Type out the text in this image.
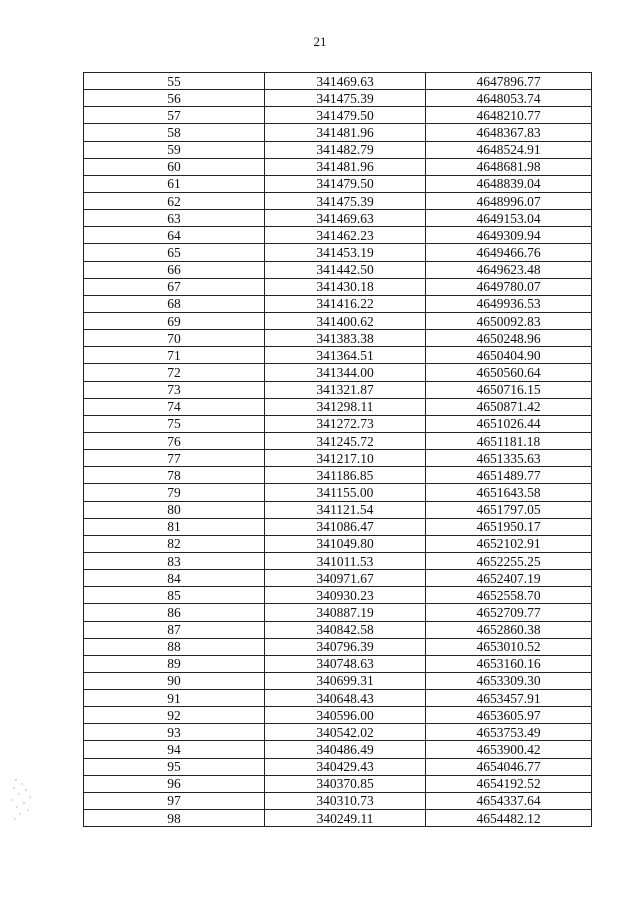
21
55	341469.63	4647896.77
56	341475.39	4648053.74
57	341479.50	4648210.77
58	341481.96	4648367.83
59	341482.79	4648524.91
60	341481.96	4648681.98
61	341479.50	4648839.04
62	341475.39	4648996.07
63	341469.63	4649153.04
64	341462.23	4649309.94
65	341453.19	4649466.76
66	341442.50	4649623.48
67	341430.18	4649780.07
68	341416.22	4649936.53
69	341400.62	4650092.83
70	341383.38	4650248.96
71	341364.51	4650404.90
72	341344.00	4650560.64
73	341321.87	4650716.15
74	341298.11	4650871.42
75	341272.73	4651026.44
76	341245.72	4651181.18
77	341217.10	4651335.63
78	341186.85	4651489.77
79	341155.00	4651643.58
80	341121.54	4651797.05
81	341086.47	4651950.17
82	341049.80	4652102.91
83	341011.53	4652255.25
84	340971.67	4652407.19
85	340930.23	4652558.70
86	340887.19	4652709.77
87	340842.58	4652860.38
88	340796.39	4653010.52
89	340748.63	4653160.16
90	340699.31	4653309.30
91	340648.43	4653457.91
92	340596.00	4653605.97
93	340542.02	4653753.49
94	340486.49	4653900.42
95	340429.43	4654046.77
96	340370.85	4654192.52
97	340310.73	4654337.64
98	340249.11	4654482.12
